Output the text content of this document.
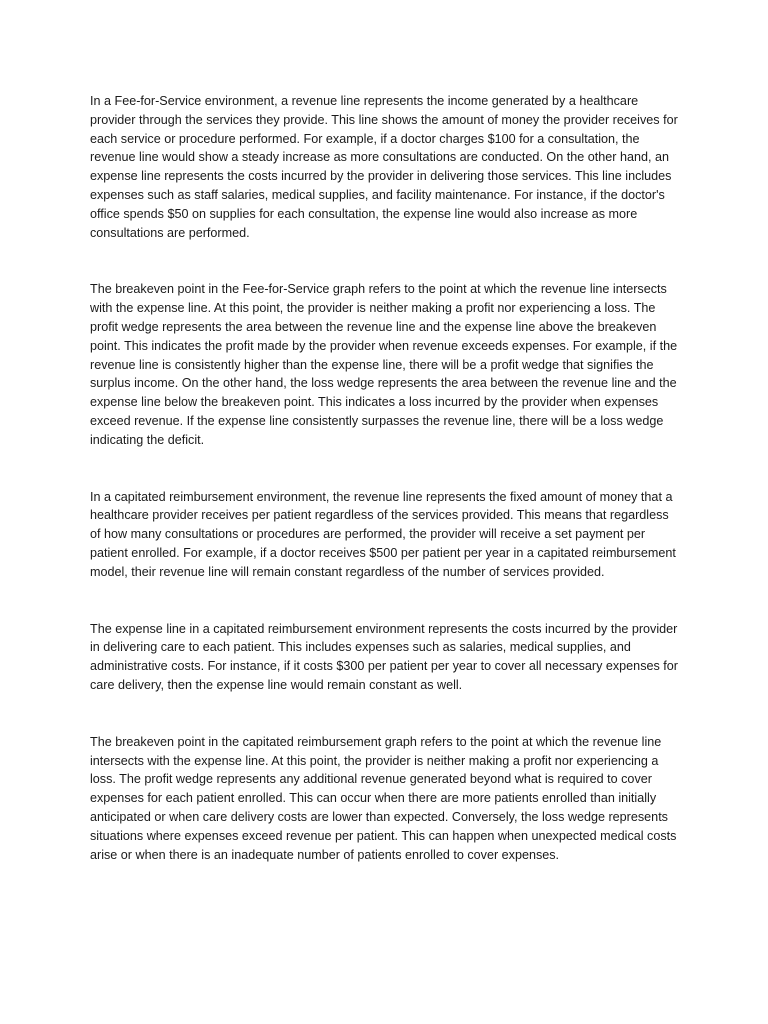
In a Fee-for-Service environment, a revenue line represents the income generated by a healthcare provider through the services they provide. This line shows the amount of money the provider receives for each service or procedure performed. For example, if a doctor charges $100 for a consultation, the revenue line would show a steady increase as more consultations are conducted. On the other hand, an expense line represents the costs incurred by the provider in delivering those services. This line includes expenses such as staff salaries, medical supplies, and facility maintenance. For instance, if the doctor's office spends $50 on supplies for each consultation, the expense line would also increase as more consultations are performed.

The breakeven point in the Fee-for-Service graph refers to the point at which the revenue line intersects with the expense line. At this point, the provider is neither making a profit nor experiencing a loss. The profit wedge represents the area between the revenue line and the expense line above the breakeven point. This indicates the profit made by the provider when revenue exceeds expenses. For example, if the revenue line is consistently higher than the expense line, there will be a profit wedge that signifies the surplus income. On the other hand, the loss wedge represents the area between the revenue line and the expense line below the breakeven point. This indicates a loss incurred by the provider when expenses exceed revenue. If the expense line consistently surpasses the revenue line, there will be a loss wedge indicating the deficit.

In a capitated reimbursement environment, the revenue line represents the fixed amount of money that a healthcare provider receives per patient regardless of the services provided. This means that regardless of how many consultations or procedures are performed, the provider will receive a set payment per patient enrolled. For example, if a doctor receives $500 per patient per year in a capitated reimbursement model, their revenue line will remain constant regardless of the number of services provided.

The expense line in a capitated reimbursement environment represents the costs incurred by the provider in delivering care to each patient. This includes expenses such as salaries, medical supplies, and administrative costs. For instance, if it costs $300 per patient per year to cover all necessary expenses for care delivery, then the expense line would remain constant as well.

The breakeven point in the capitated reimbursement graph refers to the point at which the revenue line intersects with the expense line. At this point, the provider is neither making a profit nor experiencing a loss. The profit wedge represents any additional revenue generated beyond what is required to cover expenses for each patient enrolled. This can occur when there are more patients enrolled than initially anticipated or when care delivery costs are lower than expected. Conversely, the loss wedge represents situations where expenses exceed revenue per patient. This can happen when unexpected medical costs arise or when there is an inadequate number of patients enrolled to cover expenses.
